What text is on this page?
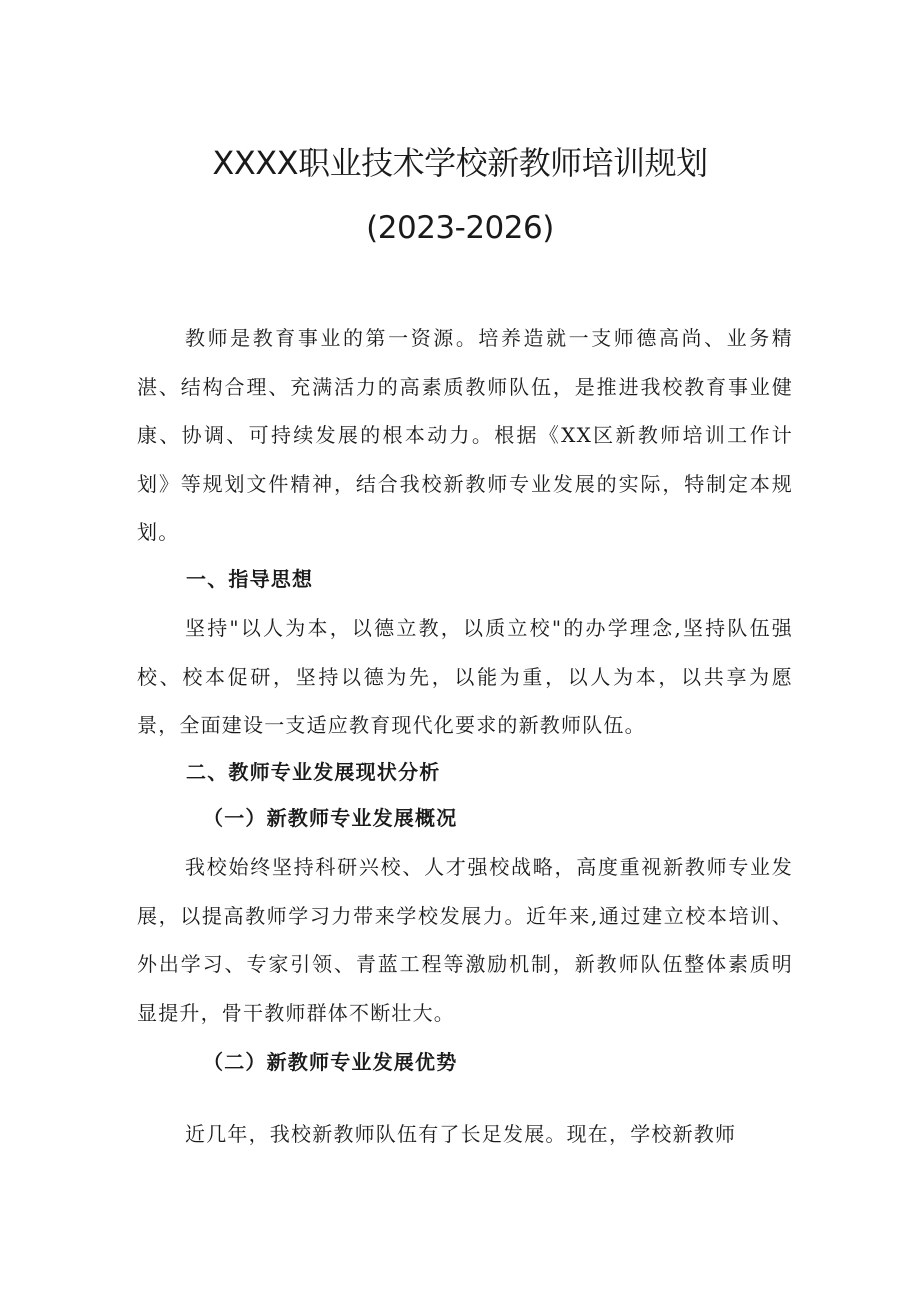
XXXX职业技术学校新教师培训规划
(2023-2026)

教师是教育事业的第一资源。培养造就一支师德高尚、业务精湛、结构合理、充满活力的高素质教师队伍，是推进我校教育事业健康、协调、可持续发展的根本动力。根据《XX区新教师培训工作计划》等规划文件精神，结合我校新教师专业发展的实际，特制定本规划。

一、指导思想

坚持"以人为本，以德立教，以质立校"的办学理念,坚持队伍强校、校本促研，坚持以德为先，以能为重，以人为本，以共享为愿景，全面建设一支适应教育现代化要求的新教师队伍。

二、教师专业发展现状分析
（一）新教师专业发展概况

我校始终坚持科研兴校、人才强校战略，高度重视新教师专业发展，以提高教师学习力带来学校发展力。近年来,通过建立校本培训、外出学习、专家引领、青蓝工程等激励机制，新教师队伍整体素质明显提升，骨干教师群体不断壮大。

（二）新教师专业发展优势

近几年，我校新教师队伍有了长足发展。现在，学校新教师
